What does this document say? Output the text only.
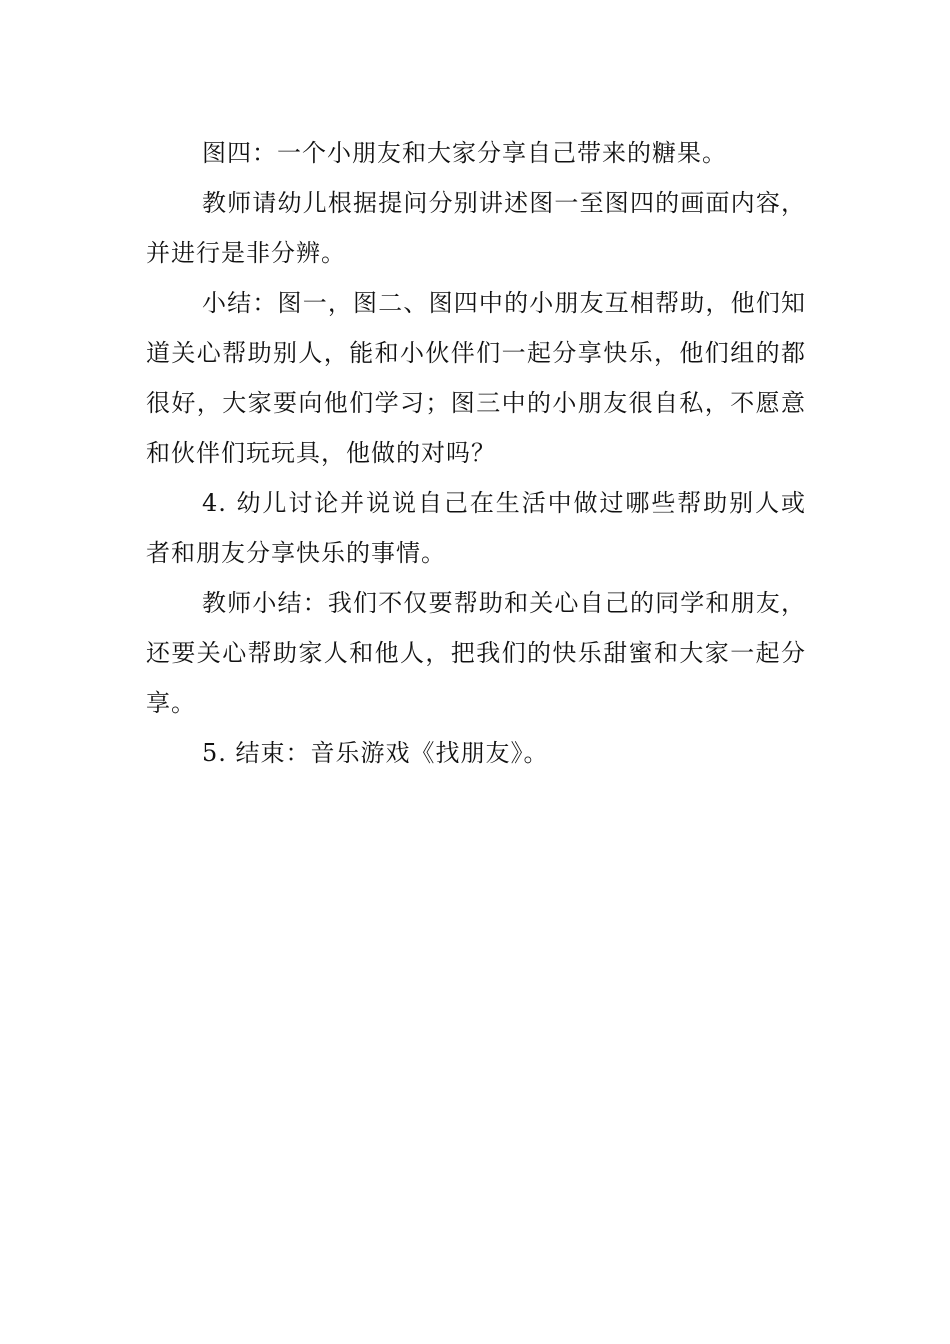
图四：一个小朋友和大家分享自己带来的糖果。

教师请幼儿根据提问分别讲述图一至图四的画面内容，并进行是非分辨。

小结：图一，图二、图四中的小朋友互相帮助，他们知道关心帮助别人，能和小伙伴们一起分享快乐，他们组的都很好，大家要向他们学习；图三中的小朋友很自私，不愿意和伙伴们玩玩具，他做的对吗？

4. 幼儿讨论并说说自己在生活中做过哪些帮助别人或者和朋友分享快乐的事情。

教师小结：我们不仅要帮助和关心自己的同学和朋友，还要关心帮助家人和他人，把我们的快乐甜蜜和大家一起分享。

5. 结束：音乐游戏《找朋友》。
